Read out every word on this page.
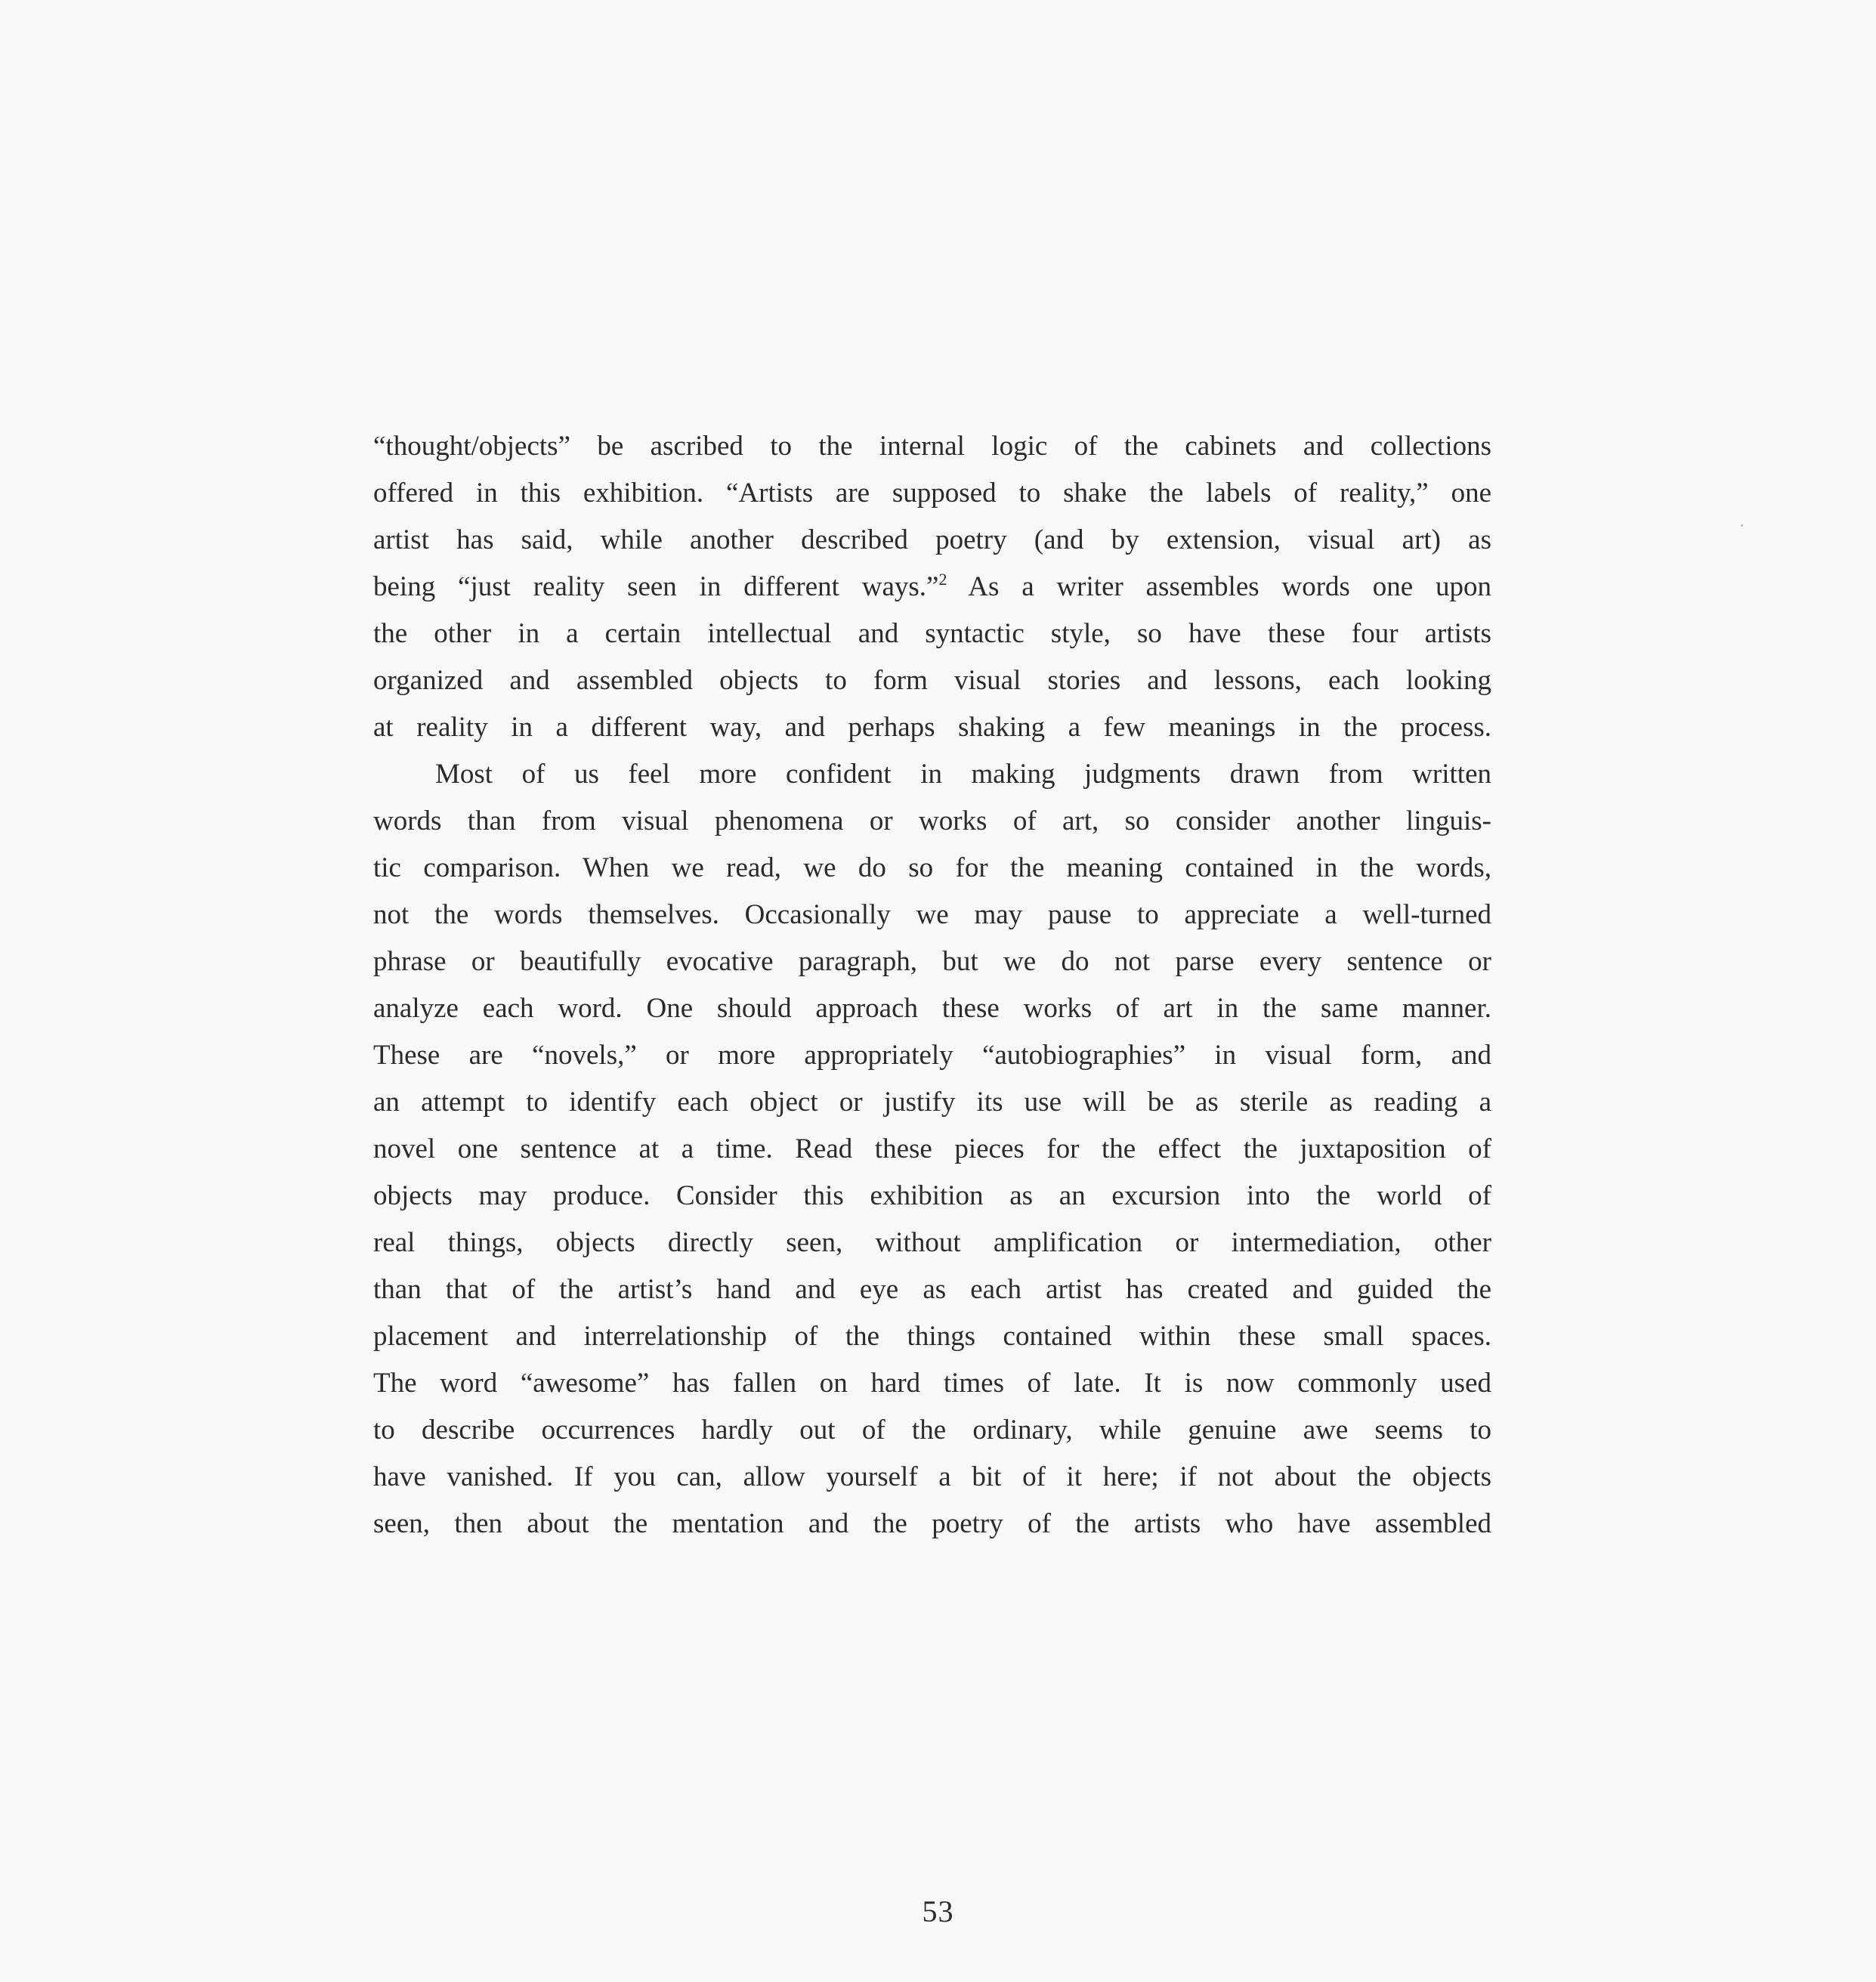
“thought/objects” be ascribed to the internal logic of the cabinets and collections
offered in this exhibition. “Artists are supposed to shake the labels of reality,” one
artist has said, while another described poetry (and by extension, visual art) as
being “just reality seen in different ways.”$^2$ As a writer assembles words one upon
the other in a certain intellectual and syntactic style, so have these four artists
organized and assembled objects to form visual stories and lessons, each looking
at reality in a different way, and perhaps shaking a few meanings in the process.
Most of us feel more confident in making judgments drawn from written
words than from visual phenomena or works of art, so consider another linguis-
tic comparison. When we read, we do so for the meaning contained in the words,
not the words themselves. Occasionally we may pause to appreciate a well-turned
phrase or beautifully evocative paragraph, but we do not parse every sentence or
analyze each word. One should approach these works of art in the same manner.
These are “novels,” or more appropriately “autobiographies” in visual form, and
an attempt to identify each object or justify its use will be as sterile as reading a
novel one sentence at a time. Read these pieces for the effect the juxtaposition of
objects may produce. Consider this exhibition as an excursion into the world of
real things, objects directly seen, without amplification or intermediation, other
than that of the artist’s hand and eye as each artist has created and guided the
placement and interrelationship of the things contained within these small spaces.
The word “awesome” has fallen on hard times of late. It is now commonly used
to describe occurrences hardly out of the ordinary, while genuine awe seems to
have vanished. If you can, allow yourself a bit of it here; if not about the objects
seen, then about the mentation and the poetry of the artists who have assembled
53
